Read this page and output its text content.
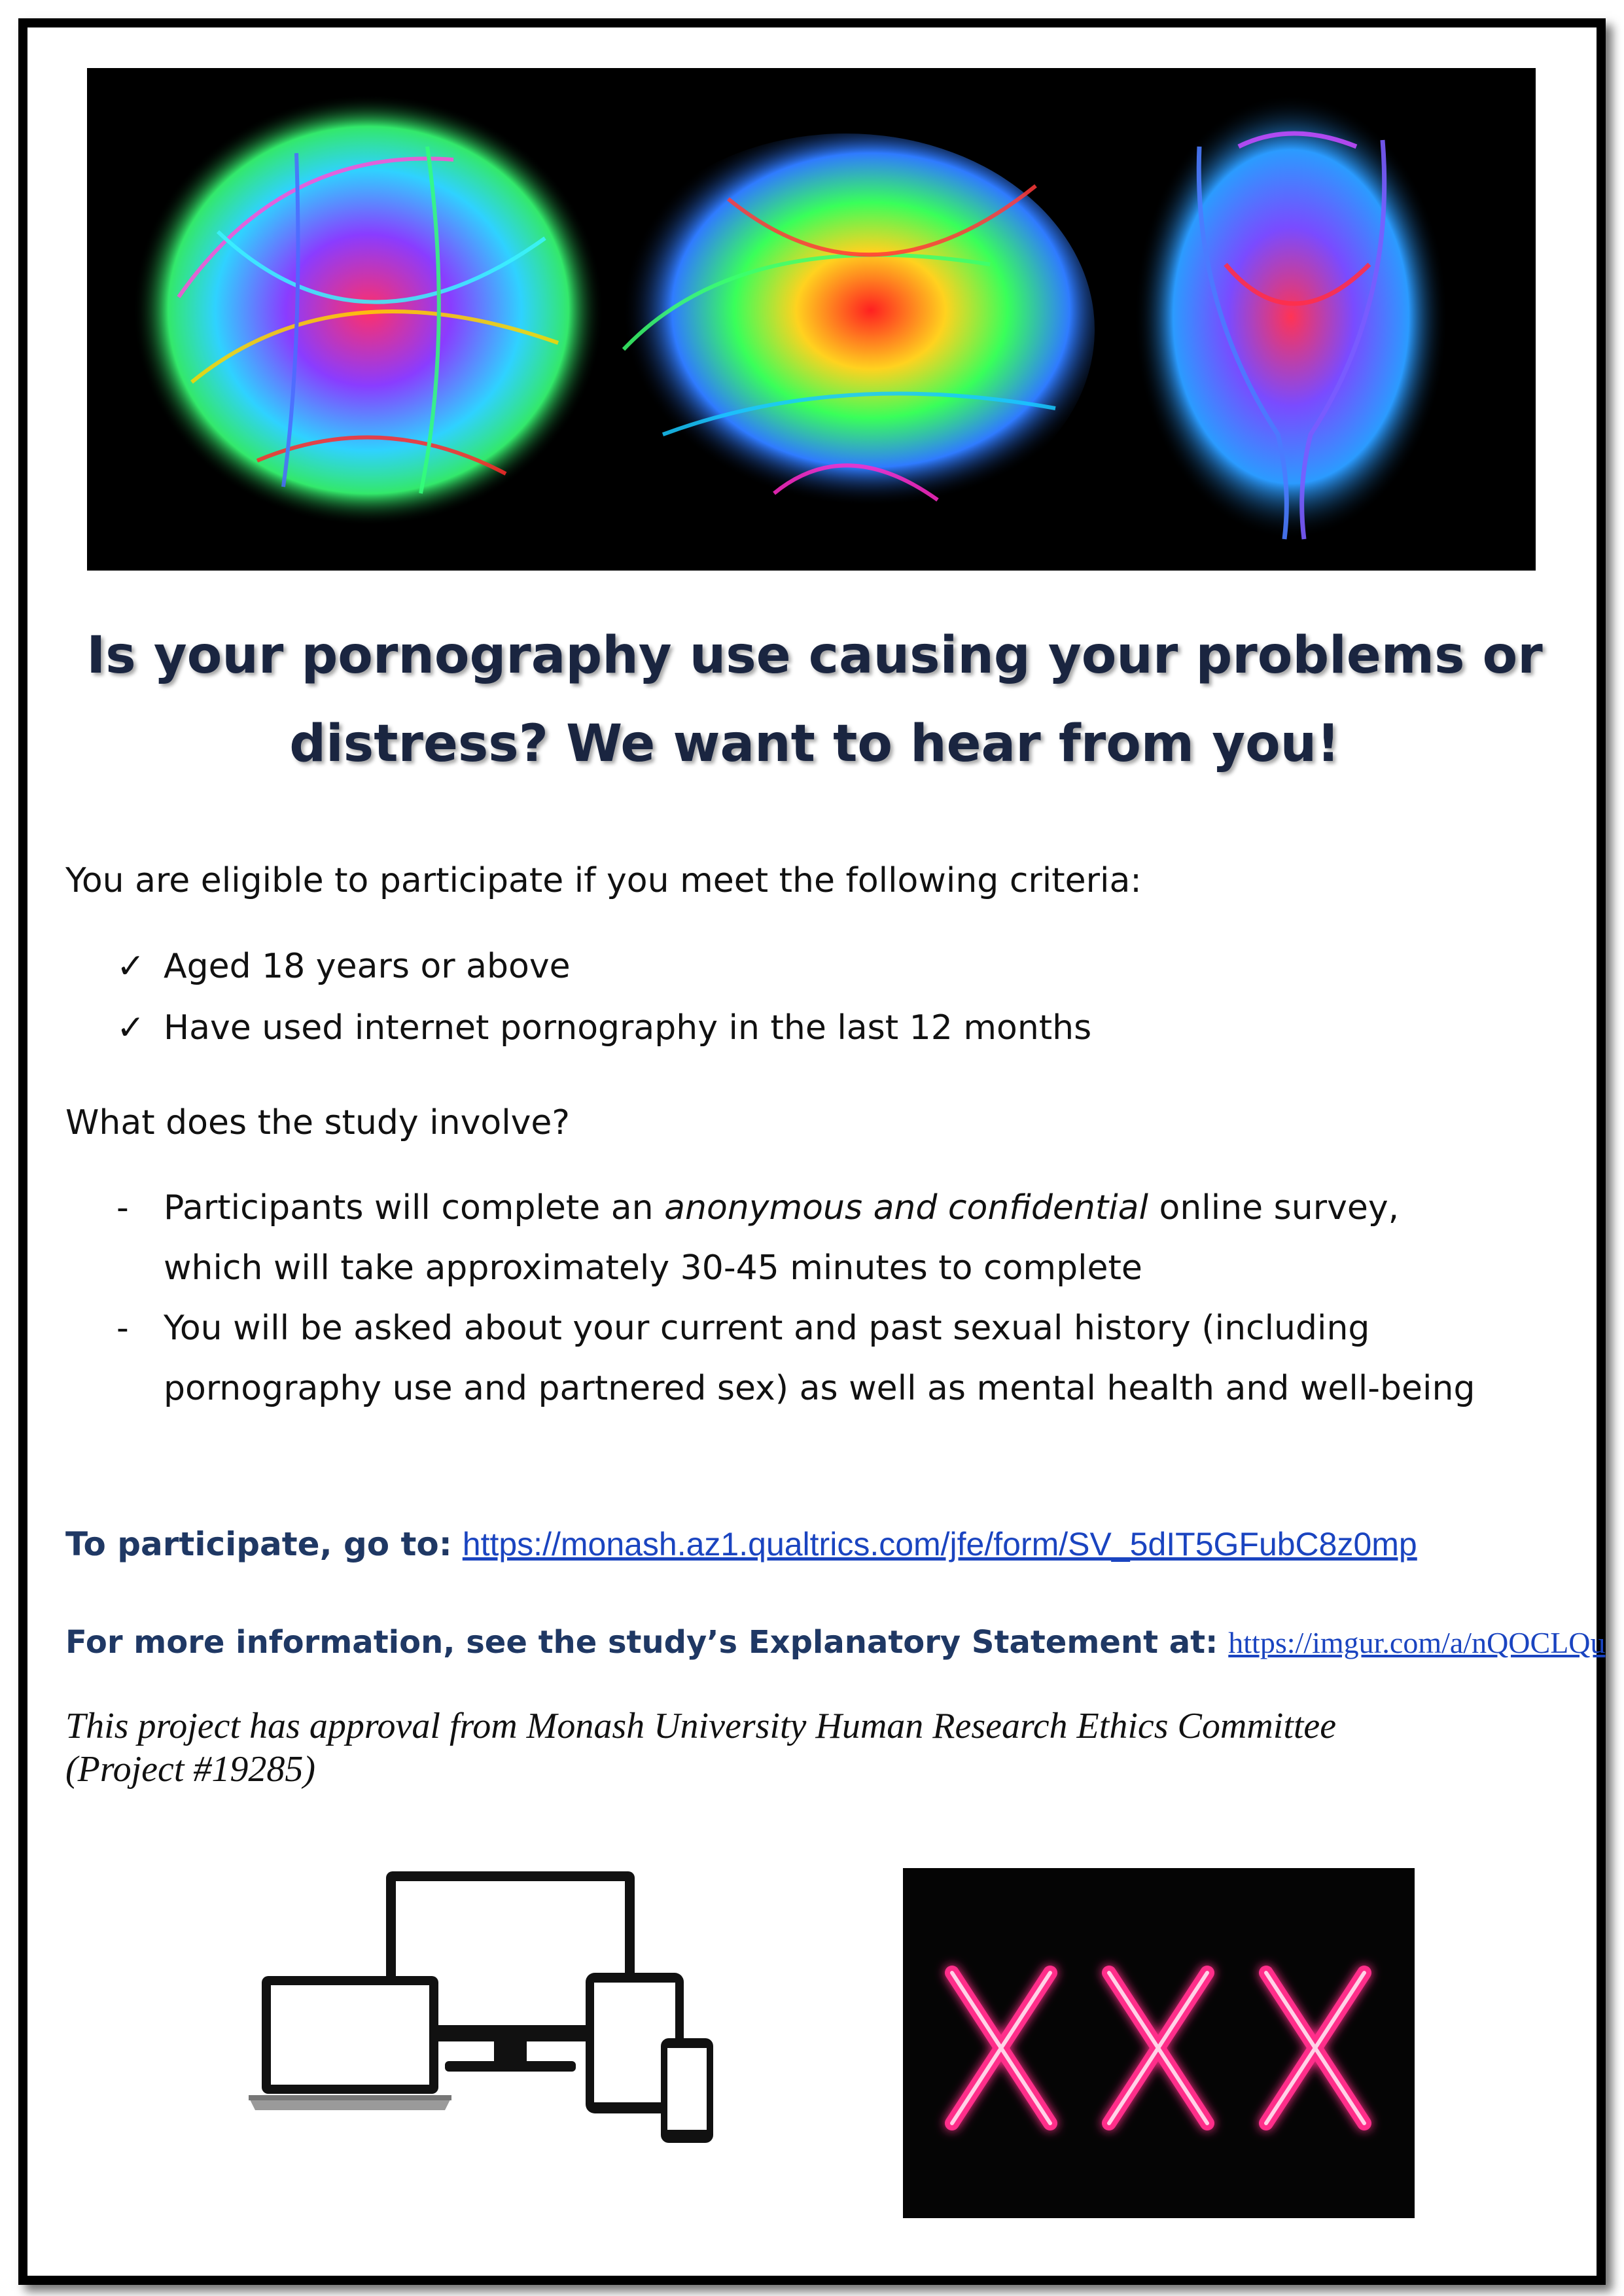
Is your pornography use causing your problems or
distress? We want to hear from you!
You are eligible to participate if you meet the following criteria:
✓ Aged 18 years or above
✓ Have used internet pornography in the last 12 months
What does the study involve?
-	Participants will complete an anonymous and confidential online survey,
which will take approximately 30-45 minutes to complete
-	You will be asked about your current and past sexual history (including
pornography use and partnered sex) as well as mental health and well-being
To participate, go to: https://monash.az1.qualtrics.com/jfe/form/SV_5dIT5GFubC8z0mp
For more information, see the study’s Explanatory Statement at: https://imgur.com/a/nQOCLQu
This project has approval from Monash University Human Research Ethics Committee
(Project #19285)
